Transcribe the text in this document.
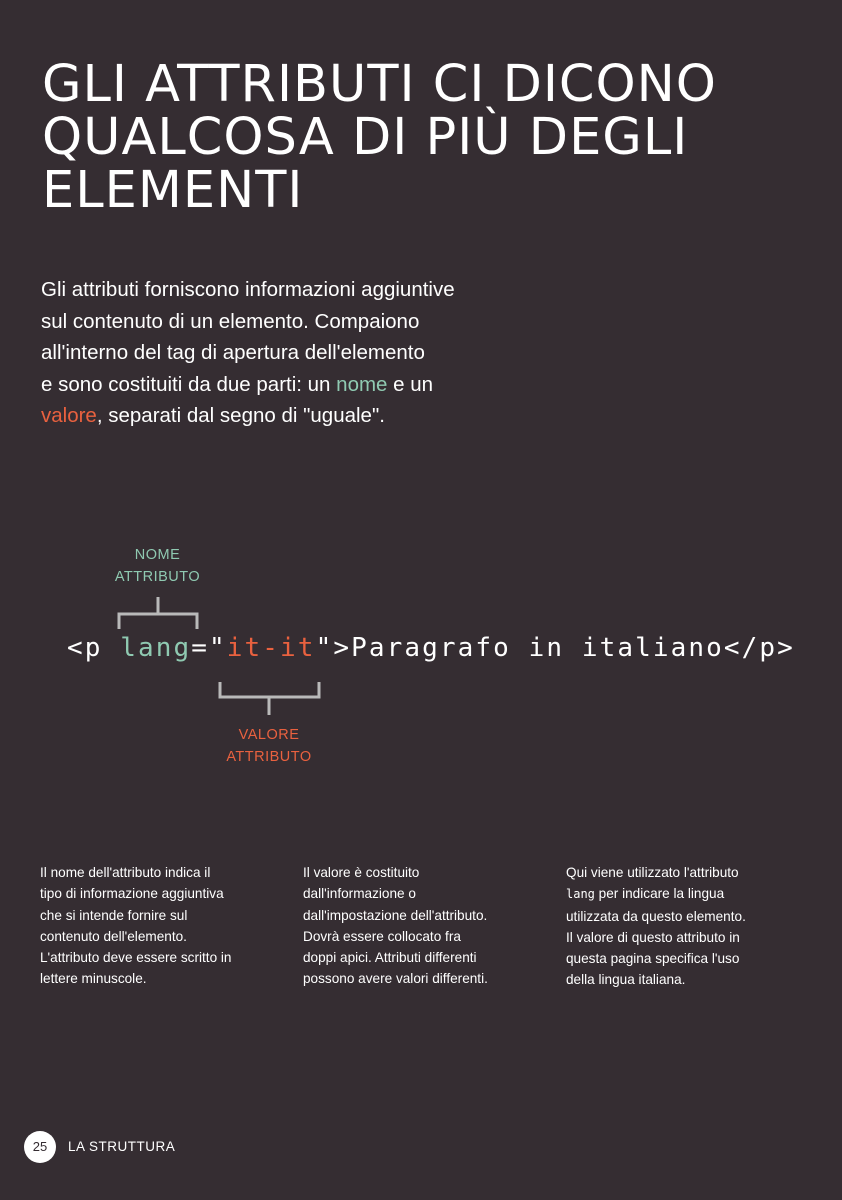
GLI ATTRIBUTI CI DICONO
QUALCOSA DI PIÙ DEGLI
ELEMENTI
Gli attributi forniscono informazioni aggiuntive
sul contenuto di un elemento. Compaiono
all'interno del tag di apertura dell'elemento
e sono costituiti da due parti: un nome e un
valore, separati dal segno di "uguale".
NOME
ATTRIBUTO
<p lang="it-it">Paragrafo in italiano</p>
VALORE
ATTRIBUTO
Il nome dell'attributo indica il
tipo di informazione aggiuntiva
che si intende fornire sul
contenuto dell'elemento.
L'attributo deve essere scritto in
lettere minuscole.
Il valore è costituito
dall'informazione o
dall'impostazione dell'attributo.
Dovrà essere collocato fra
doppi apici. Attributi differenti
possono avere valori differenti.
Qui viene utilizzato l'attributo
lang per indicare la lingua
utilizzata da questo elemento.
Il valore di questo attributo in
questa pagina specifica l'uso
della lingua italiana.
25	LA STRUTTURA
